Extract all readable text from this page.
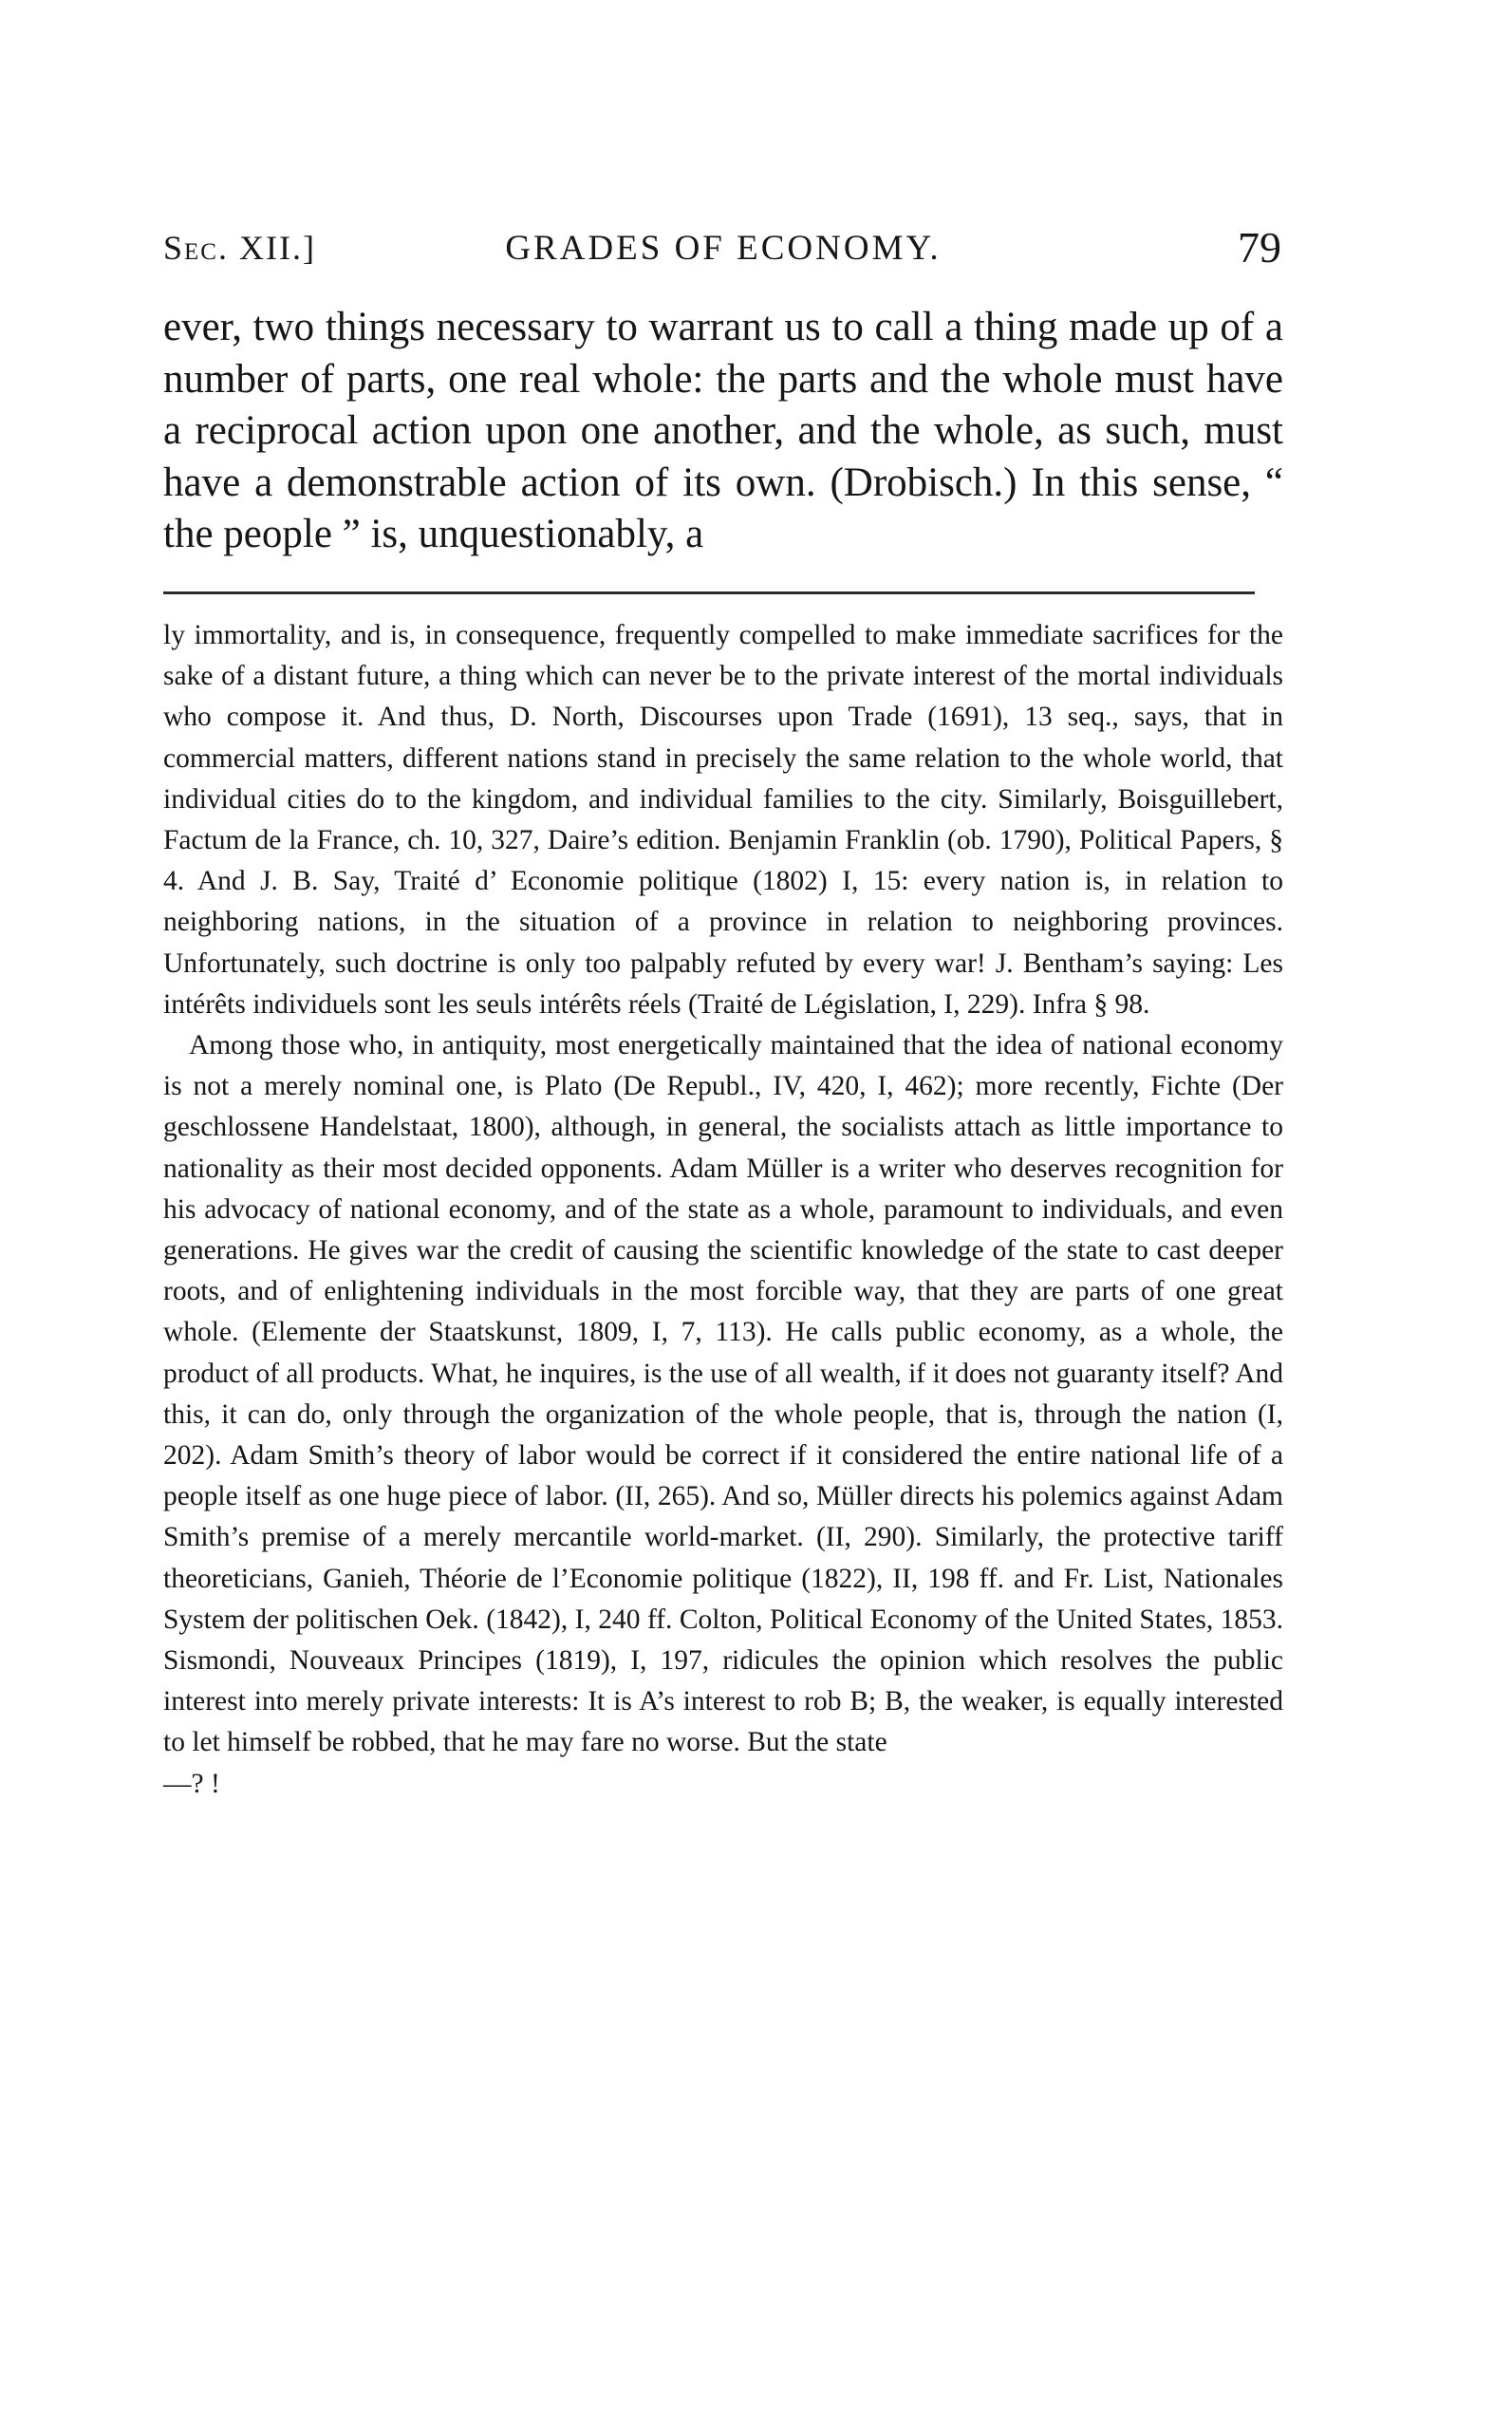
Sec. XII.]	GRADES OF ECONOMY.	79

ever, two things necessary to warrant us to call a thing made up of a number of parts, one real whole: the parts and the whole must have a reciprocal action upon one another, and the whole, as such, must have a demonstrable action of its own. (Drobisch.) In this sense, “ the people ” is, unquestionably, a

ly immortality, and is, in consequence, frequently compelled to make immediate sacrifices for the sake of a distant future, a thing which can never be to the private interest of the mortal individuals who compose it. And thus, D. North, Discourses upon Trade (1691), 13 seq., says, that in commercial matters, different nations stand in precisely the same relation to the whole world, that individual cities do to the kingdom, and individual families to the city. Similarly, Boisguillebert, Factum de la France, ch. 10, 327, Daire’s edition. Benjamin Franklin (ob. 1790), Political Papers, § 4. And J. B. Say, Traité d’ Economie politique (1802) I, 15: every nation is, in relation to neighboring nations, in the situation of a province in relation to neighboring provinces. Unfortunately, such doctrine is only too palpably refuted by every war! J. Bentham’s saying: Les intérêts individuels sont les seuls intérêts réels (Traité de Législation, I, 229). Infra § 98.

Among those who, in antiquity, most energetically maintained that the idea of national economy is not a merely nominal one, is Plato (De Republ., IV, 420, I, 462); more recently, Fichte (Der geschlossene Handelstaat, 1800), although, in general, the socialists attach as little importance to nationality as their most decided opponents. Adam Müller is a writer who deserves recognition for his advocacy of national economy, and of the state as a whole, paramount to individuals, and even generations. He gives war the credit of causing the scientific knowledge of the state to cast deeper roots, and of enlightening individuals in the most forcible way, that they are parts of one great whole. (Elemente der Staatskunst, 1809, I, 7, 113). He calls public economy, as a whole, the product of all products. What, he inquires, is the use of all wealth, if it does not guaranty itself? And this, it can do, only through the organization of the whole people, that is, through the nation (I, 202). Adam Smith’s theory of labor would be correct if it considered the entire national life of a people itself as one huge piece of labor. (II, 265). And so, Müller directs his polemics against Adam Smith’s premise of a merely mercantile world-market. (II, 290). Similarly, the protective tariff theoreticians, Ganieh, Théorie de l’Economie politique (1822), II, 198 ff. and Fr. List, Nationales System der politischen Oek. (1842), I, 240 ff. Colton, Political Economy of the United States, 1853. Sismondi, Nouveaux Principes (1819), I, 197, ridicules the opinion which resolves the public interest into merely private interests: It is A’s interest to rob B; B, the weaker, is equally interested to let himself be robbed, that he may fare no worse. But the state

—? !
